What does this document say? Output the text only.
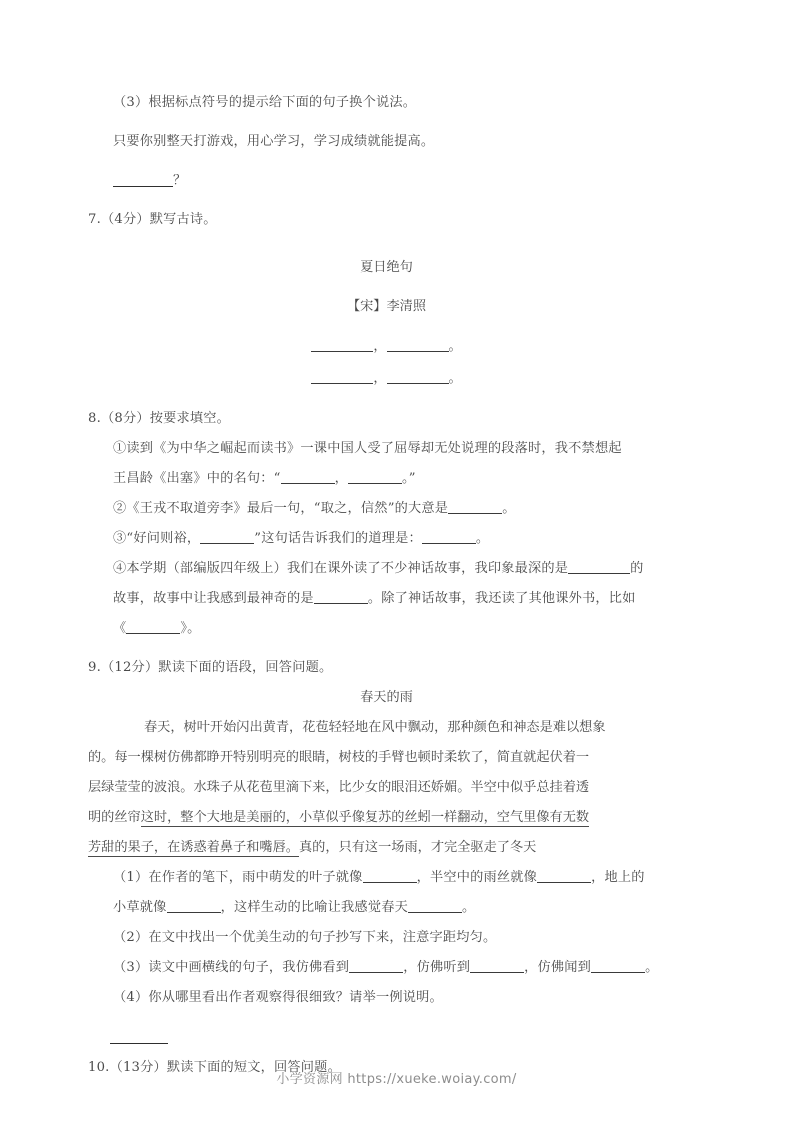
（3）根据标点符号的提示给下面的句子换个说法。
只要你别整天打游戏，用心学习，学习成绩就能提高。
？
7.（4分）默写古诗。
夏日绝句
【宋】李清照
，	。
，	。
8.（8分）按要求填空。
①读到《为中华之崛起而读书》一课中国人受了屈辱却无处说理的段落时，我不禁想起
王昌龄《出塞》中的名句：“	，	。”
②《王戎不取道旁李》最后一句，“取之，信然”的大意是	。
③“好问则裕，	”这句话告诉我们的道理是：	。
④本学期（部编版四年级上）我们在课外读了不少神话故事，我印象最深的是	的
故事，故事中让我感到最神奇的是	。除了神话故事，我还读了其他课外书，比如
《	》。
9.（12分）默读下面的语段，回答问题。
春天的雨
春天，树叶开始闪出黄青，花苞轻轻地在风中飘动，那种颜色和神态是难以想象
的。每一棵树仿佛都睁开特别明亮的眼睛，树枝的手臂也顿时柔软了，简直就起伏着一
层绿莹莹的波浪。水珠子从花苞里滴下来，比少女的眼泪还娇媚。半空中似乎总挂着透
明的丝帘这时，整个大地是美丽的，小草似乎像复苏的丝蚓一样翻动，空气里像有无数
芳甜的果子，在诱惑着鼻子和嘴唇。真的，只有这一场雨，才完全驱走了冬天
（1）在作者的笔下，雨中萌发的叶子就像	，半空中的雨丝就像	，地上的
小草就像	，这样生动的比喻让我感觉春天	。
（2）在文中找出一个优美生动的句子抄写下来，注意字距均匀。
（3）读文中画横线的句子，我仿佛看到	，仿佛听到	，仿佛闻到	。
（4）你从哪里看出作者观察得很细致？请举一例说明。
10.（13分）默读下面的短文，回答问题。
小学资源网 https://xueke.woiay.com/
